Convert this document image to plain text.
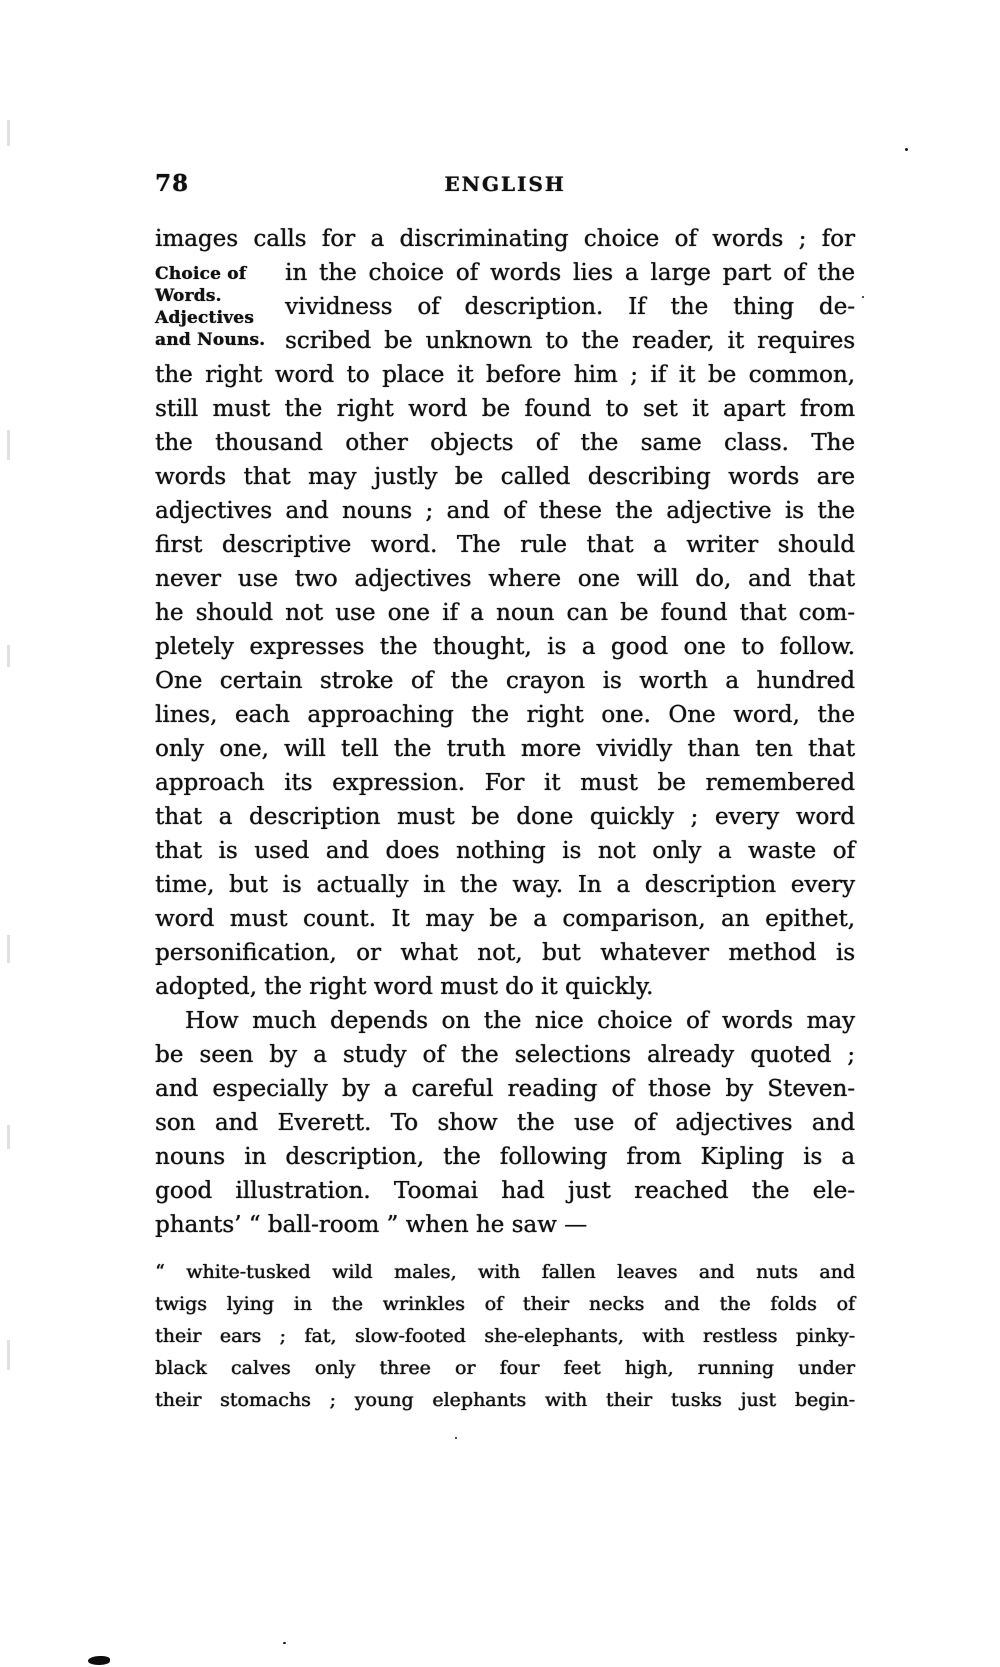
78	ENGLISH
images calls for a discriminating choice of words ; for
Choice of
Words.
Adjectives
and Nouns.
in the choice of words lies a large part of the
vividness of description. If the thing de-
scribed be unknown to the reader, it requires
the right word to place it before him ; if it be common,
still must the right word be found to set it apart from
the thousand other objects of the same class. The
words that may justly be called describing words are
adjectives and nouns ; and of these the adjective is the
first descriptive word. The rule that a writer should
never use two adjectives where one will do, and that
he should not use one if a noun can be found that com-
pletely expresses the thought, is a good one to follow.
One certain stroke of the crayon is worth a hundred
lines, each approaching the right one. One word, the
only one, will tell the truth more vividly than ten that
approach its expression. For it must be remembered
that a description must be done quickly ; every word
that is used and does nothing is not only a waste of
time, but is actually in the way. In a description every
word must count. It may be a comparison, an epithet,
personification, or what not, but whatever method is
adopted, the right word must do it quickly.
How much depends on the nice choice of words may
be seen by a study of the selections already quoted ;
and especially by a careful reading of those by Steven-
son and Everett. To show the use of adjectives and
nouns in description, the following from Kipling is a
good illustration. Toomai had just reached the ele-
phants’ “ ball-room ” when he saw —
“ white-tusked wild males, with fallen leaves and nuts and
twigs lying in the wrinkles of their necks and the folds of
their ears ; fat, slow-footed she-elephants, with restless pinky-
black calves only three or four feet high, running under
their stomachs ; young elephants with their tusks just begin-
